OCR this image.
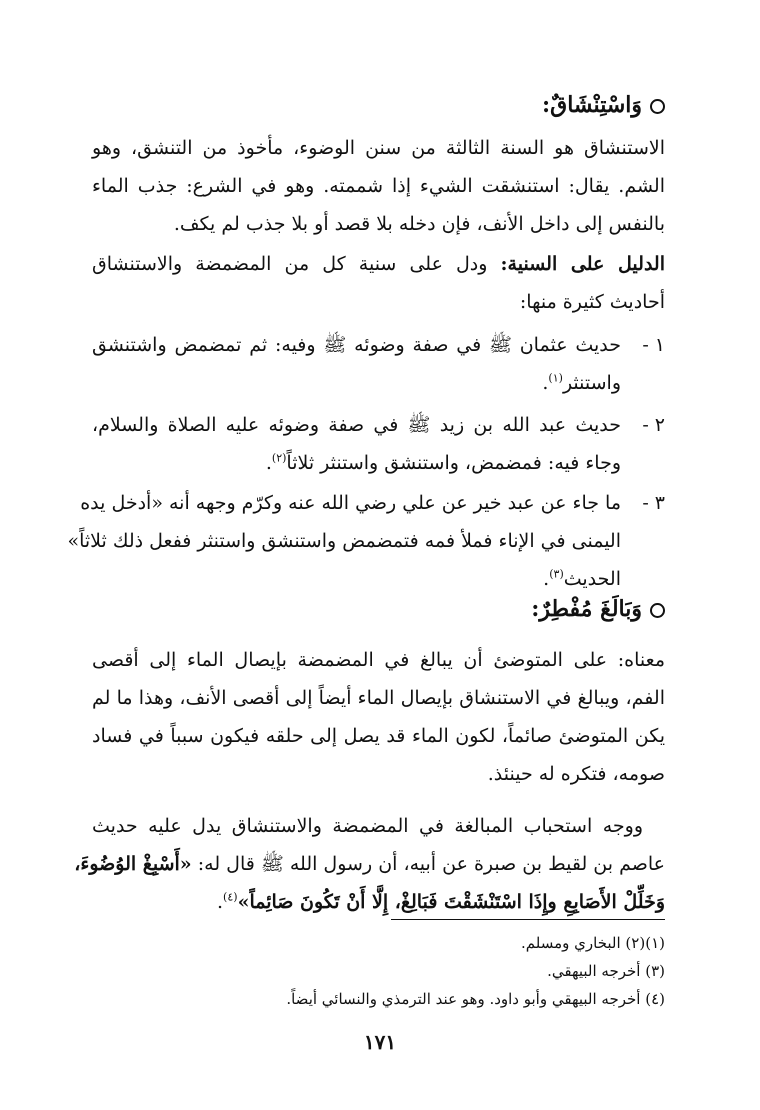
وَاسْتِنْشَاقٌ:
الاستنشاق هو السنة الثالثة من سنن الوضوء، مأخوذ من التنشق، وهو
الشم. يقال: استنشقت الشيء إذا شممته. وهو في الشرع: جذب الماء
بالنفس إلى داخل الأنف، فإن دخله بلا قصد أو بلا جذب لم يكف.
الدليل على السنية: ودل على سنية كل من المضمضة والاستنشاق
أحاديث كثيرة منها:
١ -
حديث عثمان ﷺ في صفة وضوئه ﷺ وفيه: ثم تمضمض واشتنشق
واستنثر$^{(١)}$.
٢ -
حديث عبد الله بن زيد ﷺ في صفة وضوئه عليه الصلاة والسلام،
وجاء فيه: فمضمض، واستنشق واستنثر ثلاثاً$^{(٢)}$.
٣ -
ما جاء عن عبد خير عن علي رضي الله عنه وكرّم وجهه أنه «أدخل يده
اليمنى في الإناء فملأ فمه فتمضمض واستنشق واستنثر ففعل ذلك ثلاثاً»
الحديث$^{(٣)}$.
وَبَالَغَ مُفْطِرٌ:
معناه: على المتوضئ أن يبالغ في المضمضة بإيصال الماء إلى أقصى
الفم، ويبالغ في الاستنشاق بإيصال الماء أيضاً إلى أقصى الأنف، وهذا ما لم
يكن المتوضئ صائماً، لكون الماء قد يصل إلى حلقه فيكون سبباً في فساد
صومه، فتكره له حينئذ.
ووجه استحباب المبالغة في المضمضة والاستنشاق يدل عليه حديث
عاصم بن لقيط بن صبرة عن أبيه، أن رسول الله ﷺ قال له: «أَسْبِغْ الوُضُوءَ،
وَخَلِّلْ الأَصَابِعِ وإِذَا اسْتَنْشَقْتَ فَبَالِغْ، إِلَّا أَنْ تَكُونَ صَائِماً»$^{(٤)}$.
(١)(٢) البخاري ومسلم.
(٣) أخرجه البيهقي.
(٤) أخرجه البيهقي وأبو داود. وهو عند الترمذي والنسائي أيضاً.
١٧١
